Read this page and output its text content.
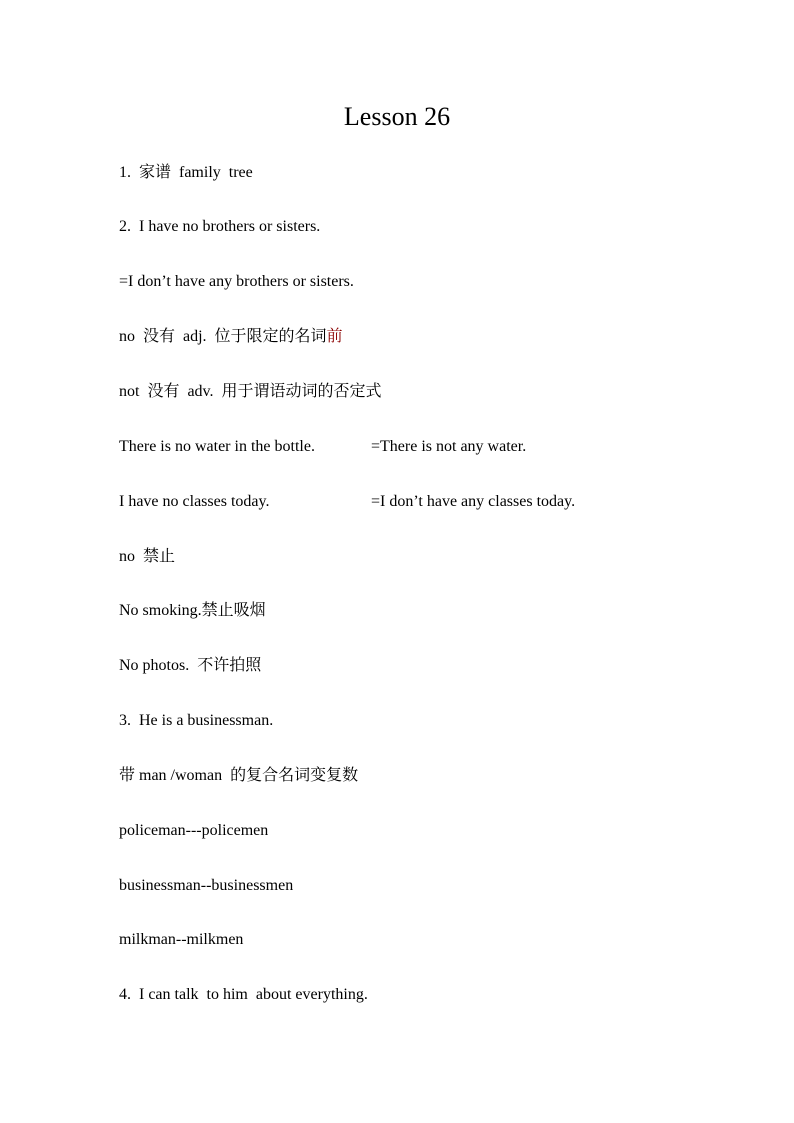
Lesson 26
1.  家谱  family  tree
2.  I have no brothers or sisters.
=I don’t have any brothers or sisters.
no  没有  adj.  位于限定的名词前
not  没有  adv.  用于谓语动词的否定式
There is no water in the bottle.	=There is not any water.
I have no classes today.	=I don’t have any classes today.
no  禁止
No smoking.禁止吸烟
No photos.  不许拍照
3.  He is a businessman.
带 man /woman  的复合名词变复数
policeman---policemen
businessman--businessmen
milkman--milkmen
4.  I can talk  to him  about everything.
